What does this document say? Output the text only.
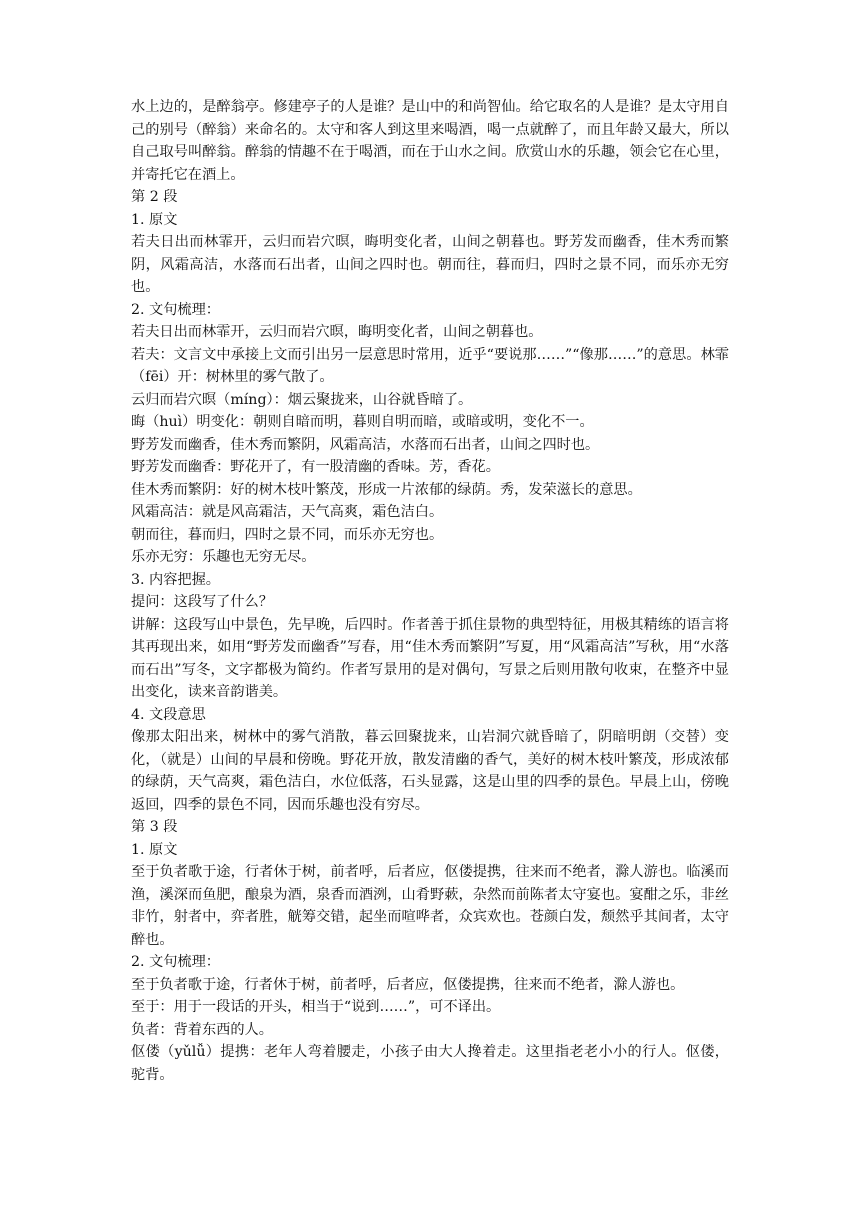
水上边的，是醉翁亭。修建亭子的人是谁？是山中的和尚智仙。给它取名的人是谁？是太守用自己的别号（醉翁）来命名的。太守和客人到这里来喝酒，喝一点就醉了，而且年龄又最大，所以自己取号叫醉翁。醉翁的情趣不在于喝酒，而在于山水之间。欣赏山水的乐趣，领会它在心里，并寄托它在酒上。

第 2 段

1. 原文

若夫日出而林霏开，云归而岩穴暝，晦明变化者，山间之朝暮也。野芳发而幽香，佳木秀而繁阴，风霜高洁，水落而石出者，山间之四时也。朝而往，暮而归，四时之景不同，而乐亦无穷也。

2. 文句梳理：

若夫日出而林霏开，云归而岩穴暝，晦明变化者，山间之朝暮也。

若夫：文言文中承接上文而引出另一层意思时常用，近乎“要说那……”“像那……”的意思。林霏（fēi）开：树林里的雾气散了。

云归而岩穴暝（míng）：烟云聚拢来，山谷就昏暗了。

晦（huì）明变化：朝则自暗而明，暮则自明而暗，或暗或明，变化不一。

野芳发而幽香，佳木秀而繁阴，风霜高洁，水落而石出者，山间之四时也。

野芳发而幽香：野花开了，有一股清幽的香味。芳，香花。

佳木秀而繁阴：好的树木枝叶繁茂，形成一片浓郁的绿荫。秀，发荣滋长的意思。

风霜高洁：就是风高霜洁，天气高爽，霜色洁白。

朝而往，暮而归，四时之景不同，而乐亦无穷也。

乐亦无穷：乐趣也无穷无尽。

3. 内容把握。

提问：这段写了什么？

讲解：这段写山中景色，先早晚，后四时。作者善于抓住景物的典型特征，用极其精练的语言将其再现出来，如用“野芳发而幽香”写春，用“佳木秀而繁阴”写夏，用“风霜高洁”写秋，用“水落而石出”写冬，文字都极为简约。作者写景用的是对偶句，写景之后则用散句收束，在整齐中显出变化，读来音韵谐美。

4. 文段意思

像那太阳出来，树林中的雾气消散，暮云回聚拢来，山岩洞穴就昏暗了，阴暗明朗（交替）变化，（就是）山间的早晨和傍晚。野花开放，散发清幽的香气，美好的树木枝叶繁茂，形成浓郁的绿荫，天气高爽，霜色洁白，水位低落，石头显露，这是山里的四季的景色。早晨上山，傍晚返回，四季的景色不同，因而乐趣也没有穷尽。

第 3 段

1. 原文

至于负者歌于途，行者休于树，前者呼，后者应，伛偻提携，往来而不绝者，滁人游也。临溪而渔，溪深而鱼肥，酿泉为酒，泉香而酒洌，山肴野蔌，杂然而前陈者太守宴也。宴酣之乐，非丝非竹，射者中，弈者胜，觥筹交错，起坐而喧哗者，众宾欢也。苍颜白发，颓然乎其间者，太守醉也。

2. 文句梳理：

至于负者歌于途，行者休于树，前者呼，后者应，伛偻提携，往来而不绝者，滁人游也。

至于：用于一段话的开头，相当于“说到……”，可不译出。

负者：背着东西的人。

伛偻（yǔlǚ）提携：老年人弯着腰走，小孩子由大人搀着走。这里指老老小小的行人。伛偻，驼背。
